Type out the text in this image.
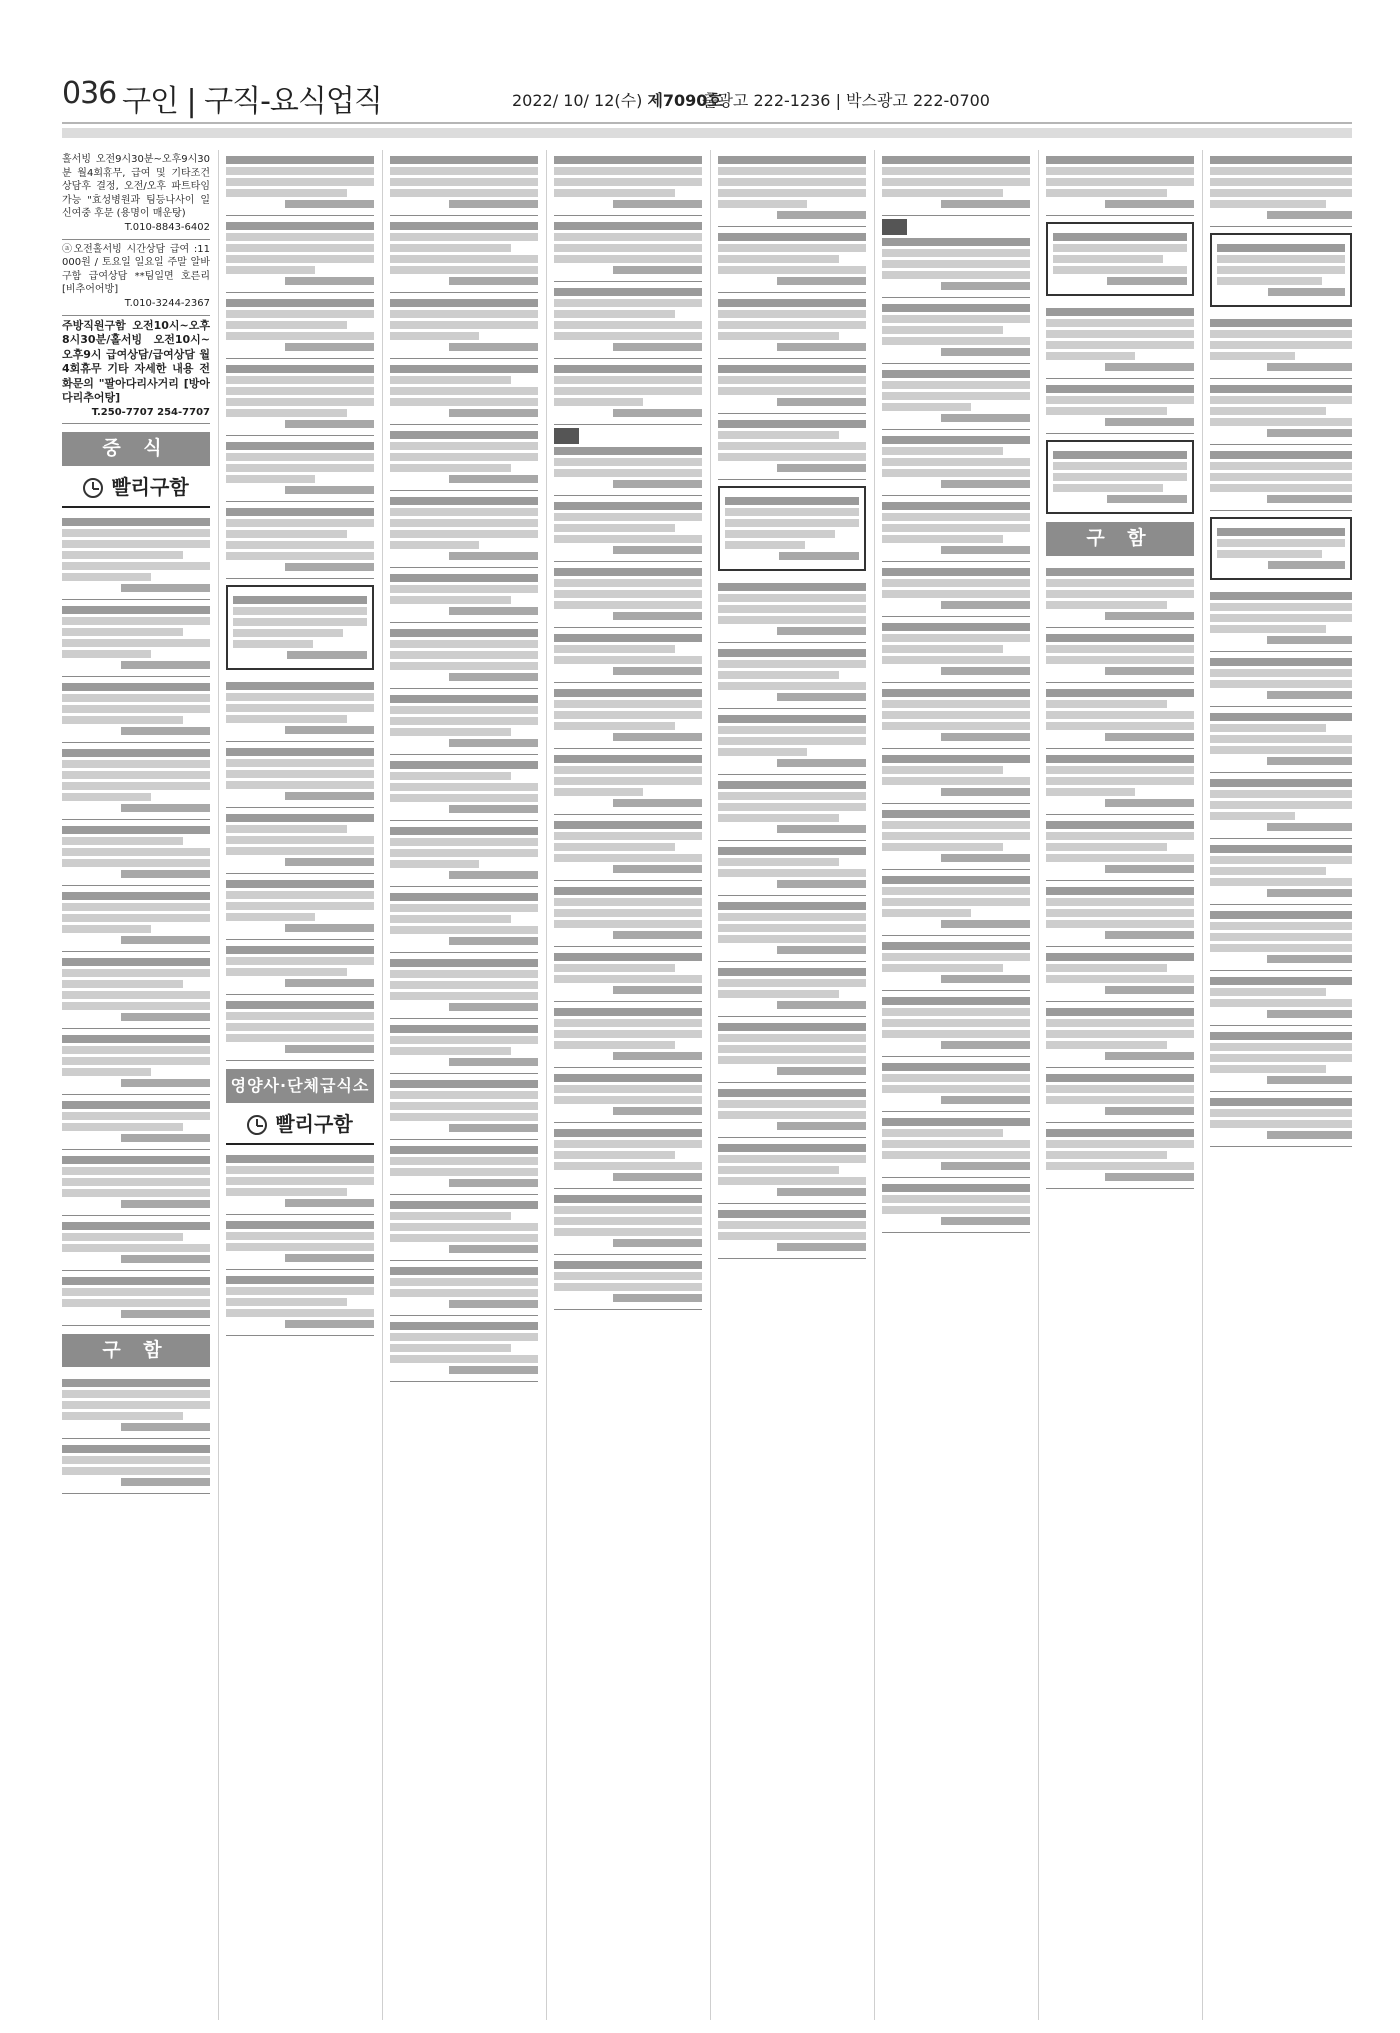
036 구인 | 구직-요식업직	2022/ 10/ 12(수) 제7090호
출광고 222-1236 | 박스광고 222-0700
홀서빙 오전9시30분~오후9시30분 월4회휴무, 급여 및 기타조건 상담후 결정, 오전/오후 파트타임가능 "효성병원과 팀등나사이 일신여중 후문 (용명이 매운탕)
T.010-8843-6402
ⓐ오전홀서빙 시간상담 급여 :11000원 / 토요일 일요일 주말 알바구함 급여상담 **팀일면 호른리 [비추어어방]
T.010-3244-2367
주방직원구함 오전10시~오후8시30분/홀서빙 오전10시~오후9시 급여상담/급여상담 월4회휴무 기타 자세한 내용 전화문의 "팔아다리사거리 [방아다리추어탕]
T.250-7707 254-7707
중 식
빨리구함
구 함
영양사·단체급식소
빨리구함

구 함
